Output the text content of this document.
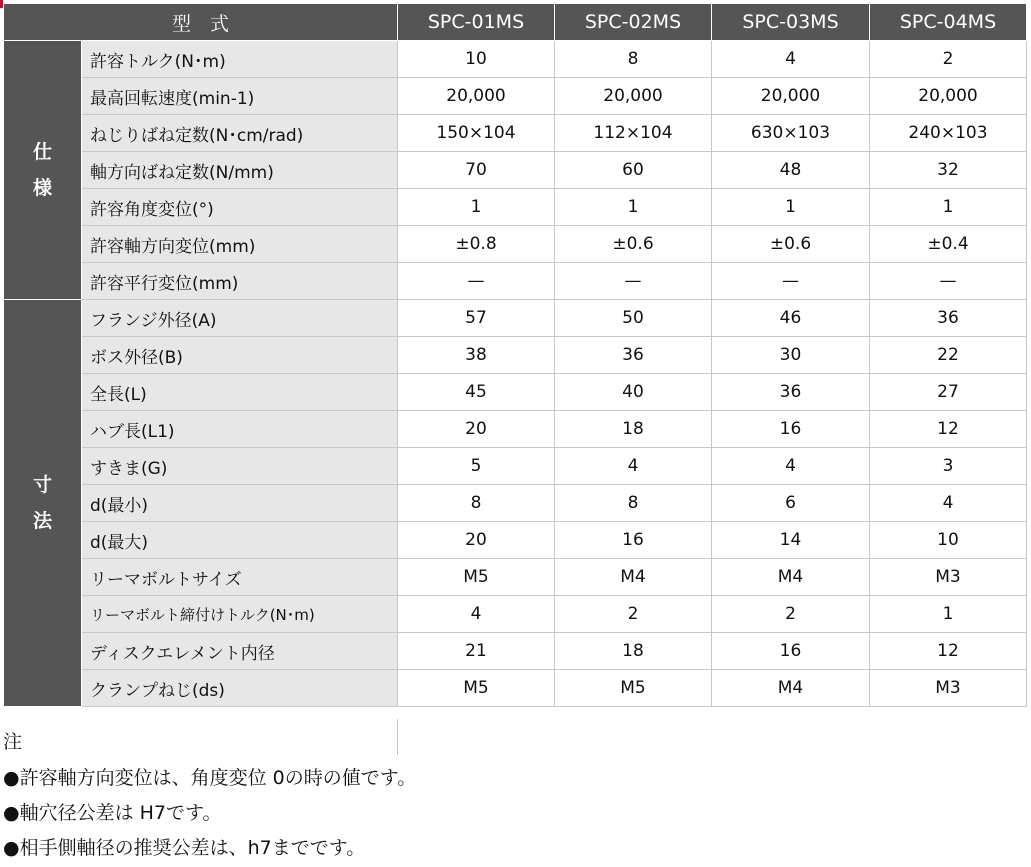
型　式		SPC-01MS	SPC-02MS	SPC-03MS	SPC-04MS
仕
様	許容トルク(N･m)	10	8	4	2
	最高回転速度(min-1)	20,000	20,000	20,000	20,000
	ねじりばね定数(N･cm/rad)	150×104	112×104	630×103	240×103
	軸方向ばね定数(N/mm)	70	60	48	32
	許容角度変位(°)	1	1	1	1
	許容軸方向変位(mm)	±0.8	±0.6	±0.6	±0.4
	許容平行変位(mm)	—	—	—	—
寸
法	フランジ外径(A)	57	50	46	36
	ボス外径(B)	38	36	30	22
	全長(L)	45	40	36	27
	ハブ長(L1)	20	18	16	12
	すきま(G)	5	4	4	3
	d(最小)	8	8	6	4
	d(最大)	20	16	14	10
	リーマボルトサイズ	M5	M4	M4	M3
	リーマボルト締付けトルク(N･m)	4	2	2	1
	ディスクエレメント内径	21	18	16	12
	クランプねじ(ds)	M5	M5	M4	M3
注
●許容軸方向変位は、角度変位 0の時の値です。
●軸穴径公差は H7です。
●相手側軸径の推奨公差は、h7までです。
